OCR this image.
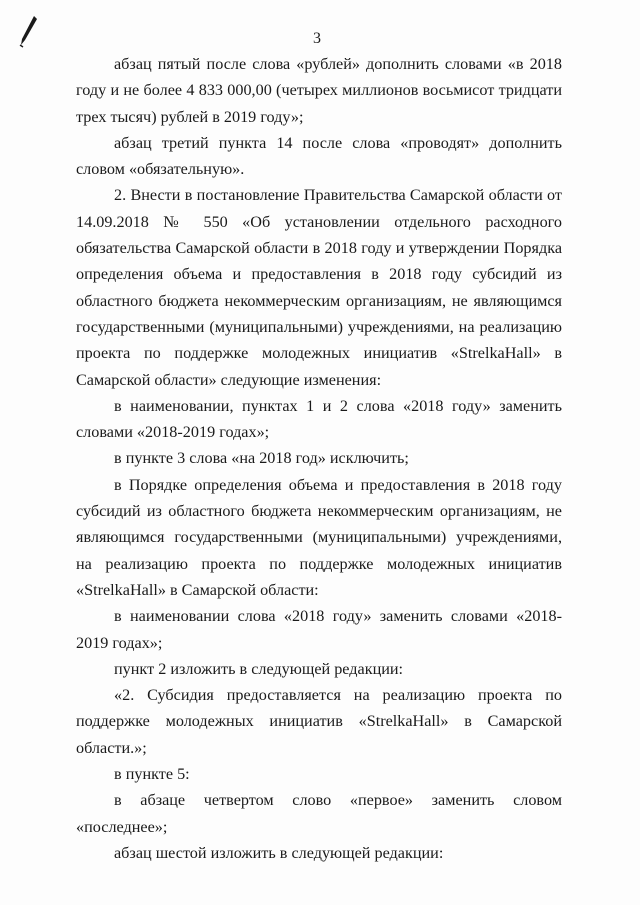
3

абзац пятый после слова «рублей» дополнить словами «в 2018 году и не более 4 833 000,00 (четырех миллионов восьмисот тридцати трех тысяч) рублей в 2019 году»;

абзац третий пункта 14 после слова «проводят» дополнить словом «обязательную».

2. Внести в постановление Правительства Самарской области от 14.09.2018 № 550 «Об установлении отдельного расходного обязательства Самарской области в 2018 году и утверждении Порядка определения объема и предоставления в 2018 году субсидий из областного бюджета некоммерческим организациям, не являющимся государственными (муниципальными) учреждениями, на реализацию проекта по поддержке молодежных инициатив «StrelkaHall» в Самарской области» следующие изменения:

в наименовании, пунктах 1 и 2 слова «2018 году» заменить словами «2018-2019 годах»;

в пункте 3 слова «на 2018 год» исключить;

в Порядке определения объема и предоставления в 2018 году субсидий из областного бюджета некоммерческим организациям, не являющимся государственными (муниципальными) учреждениями, на реализацию проекта по поддержке молодежных инициатив «StrelkaHall» в Самарской области:

в наименовании слова «2018 году» заменить словами «2018-2019 годах»;

пункт 2 изложить в следующей редакции:

«2. Субсидия предоставляется на реализацию проекта по поддержке молодежных инициатив «StrelkaHall» в Самарской области.»;

в пункте 5:

в абзаце четвертом слово «первое» заменить словом «последнее»;

абзац шестой изложить в следующей редакции:
